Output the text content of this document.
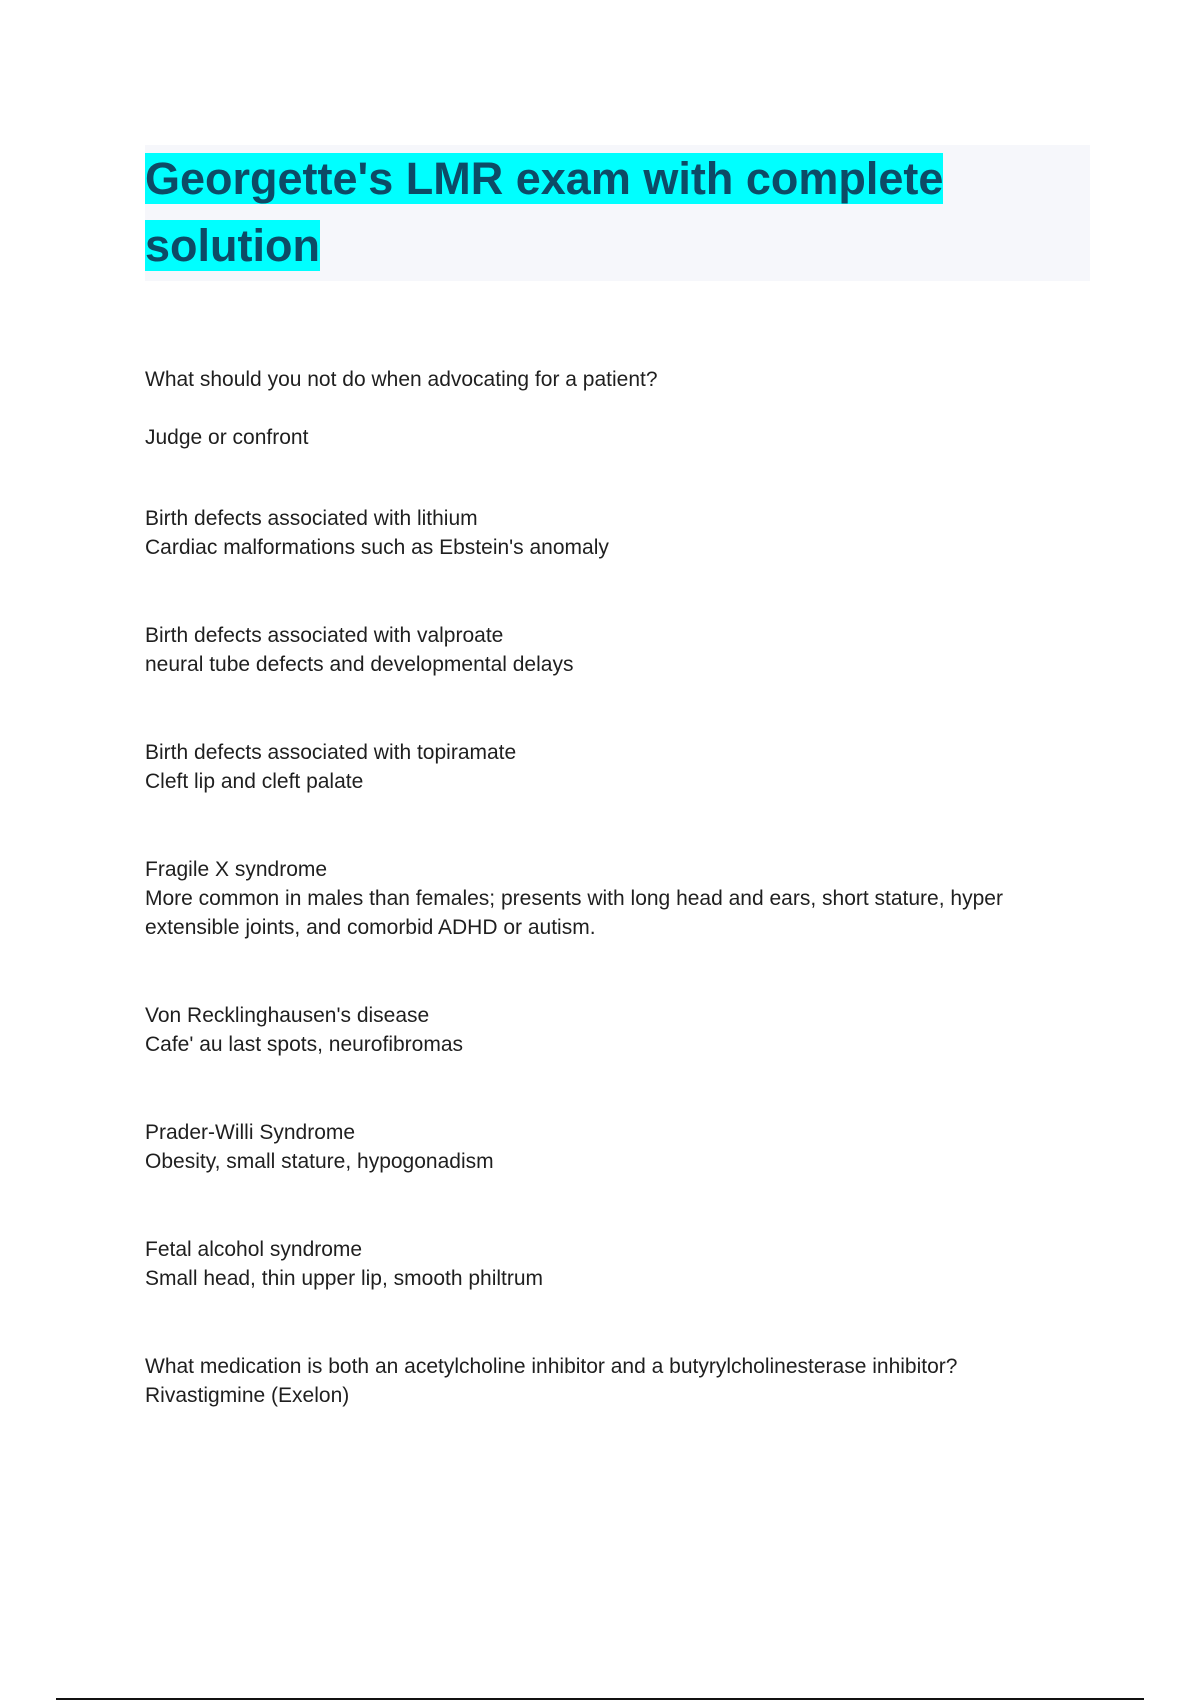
Georgette's LMR exam with complete solution
What should you not do when advocating for a patient?
Judge or confront
Birth defects associated with lithium
Cardiac malformations such as Ebstein's anomaly
Birth defects associated with valproate
neural tube defects and developmental delays
Birth defects associated with topiramate
Cleft lip and cleft palate
Fragile X syndrome
More common in males than females; presents with long head and ears, short stature, hyper extensible joints, and comorbid ADHD or autism.
Von Recklinghausen's disease
Cafe' au last spots, neurofibromas
Prader-Willi Syndrome
Obesity, small stature, hypogonadism
Fetal alcohol syndrome
Small head, thin upper lip, smooth philtrum
What medication is both an acetylcholine inhibitor and a butyrylcholinesterase inhibitor?
Rivastigmine (Exelon)
